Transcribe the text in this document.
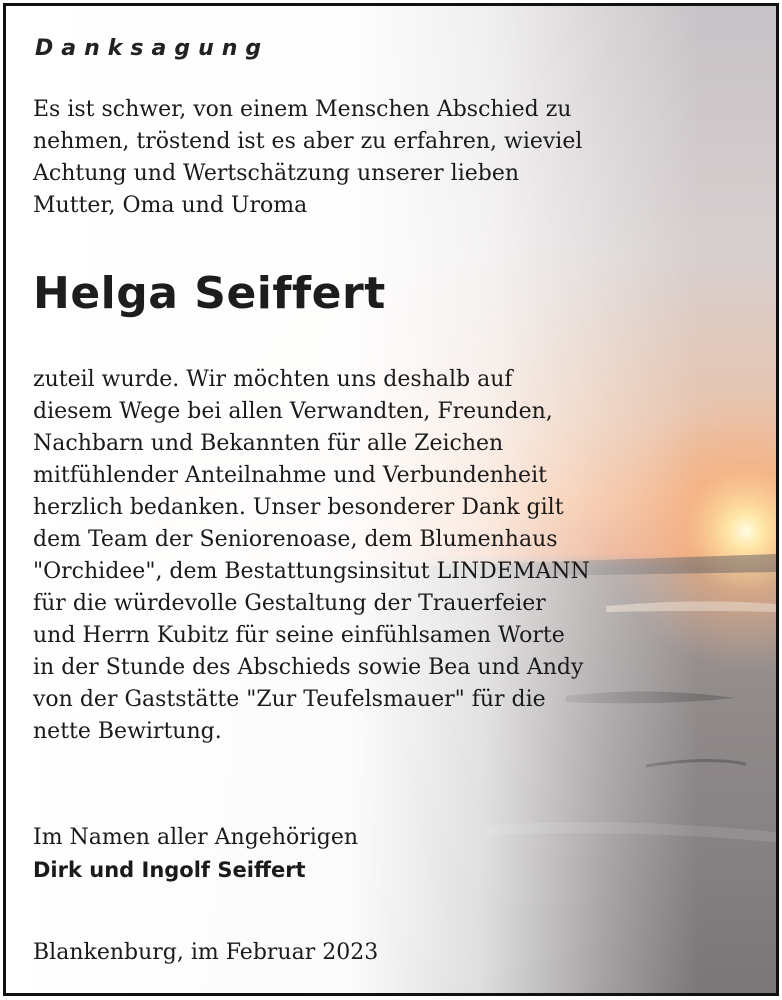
Danksagung
Es ist schwer, von einem Menschen Abschied zu
nehmen, tröstend ist es aber zu erfahren, wieviel
Achtung und Wertschätzung unserer lieben
Mutter, Oma und Uroma
Helga Seiffert
zuteil wurde. Wir möchten uns deshalb auf
diesem Wege bei allen Verwandten, Freunden,
Nachbarn und Bekannten für alle Zeichen
mitfühlender Anteilnahme und Verbundenheit
herzlich bedanken. Unser besonderer Dank gilt
dem Team der Seniorenoase, dem Blumenhaus
"Orchidee", dem Bestattungsinsitut LINDEMANN
für die würdevolle Gestaltung der Trauerfeier
und Herrn Kubitz für seine einfühlsamen Worte
in der Stunde des Abschieds sowie Bea und Andy
von der Gaststätte "Zur Teufelsmauer" für die
nette Bewirtung.
Im Namen aller Angehörigen
Dirk und Ingolf Seiffert
Blankenburg, im Februar 2023
